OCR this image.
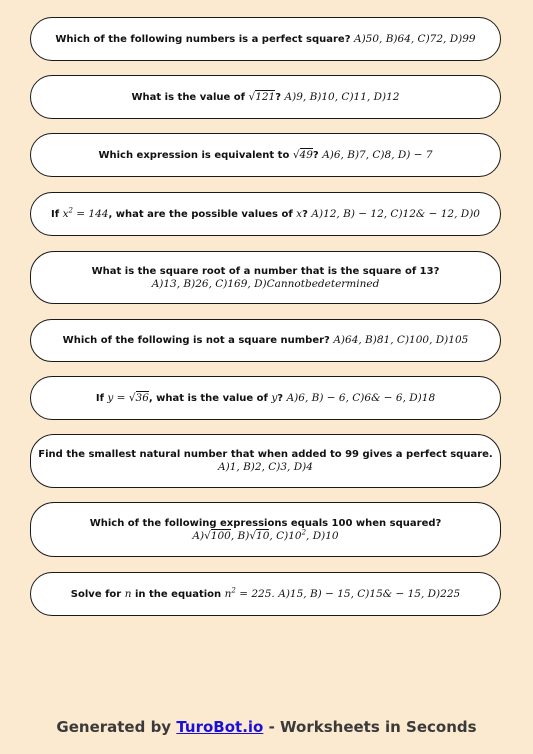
Which of the following numbers is a perfect square? A)50, B)64, C)72, D)99
What is the value of √121? A)9, B)10, C)11, D)12
Which expression is equivalent to √49? A)6, B)7, C)8, D) − 7
If $x^2 = 144$, what are the possible values of x? A)12, B) − 12, C)12& − 12, D)0
What is the square root of a number that is the square of 13?
A)13, B)26, C)169, D)Cannotbedetermined
Which of the following is not a square number? A)64, B)81, C)100, D)105
If y = √36, what is the value of y? A)6, B) − 6, C)6& − 6, D)18
Find the smallest natural number that when added to 99 gives a perfect square.
A)1, B)2, C)3, D)4
Which of the following expressions equals 100 when squared?
A)√100, B)√10, $C)10^2$, D)10
Solve for n in the equation $n^2 = 225$. A)15, B) − 15, C)15& − 15, D)225
Generated by TuroBot.io - Worksheets in Seconds
